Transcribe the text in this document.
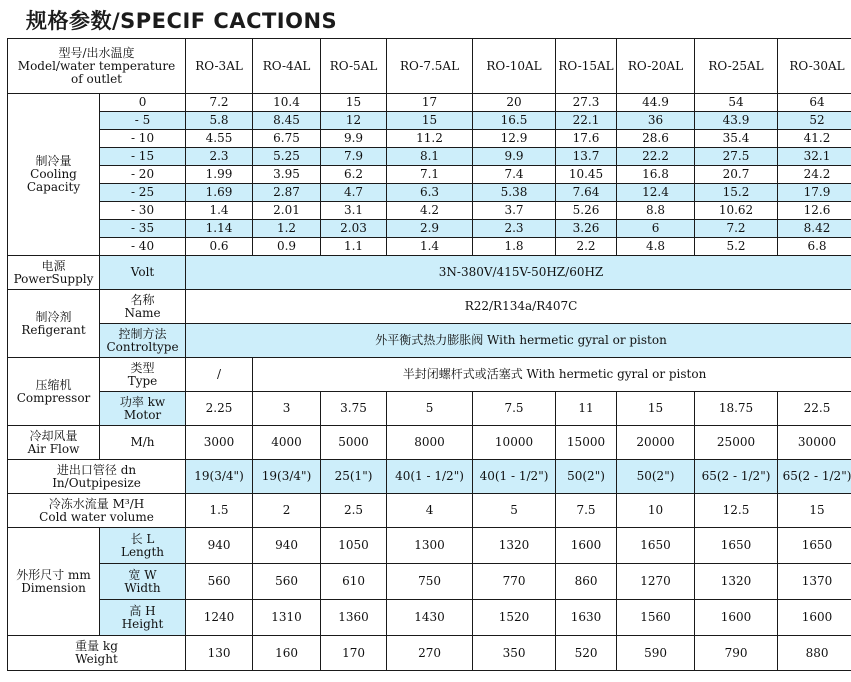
规格参数/SPECIF CACTIONS
型号/出水温度
Model/water temperature
of outlet		RO-3AL	RO-4AL	RO-5AL	RO-7.5AL	RO-10AL	RO-15AL	RO-20AL	RO-25AL	RO-30AL
制冷量
Cooling
Capacity	0	7.2	10.4	15	17	20	27.3	44.9	54	64
	- 5	5.8	8.45	12	15	16.5	22.1	36	43.9	52
	- 10	4.55	6.75	9.9	11.2	12.9	17.6	28.6	35.4	41.2
	- 15	2.3	5.25	7.9	8.1	9.9	13.7	22.2	27.5	32.1
	- 20	1.99	3.95	6.2	7.1	7.4	10.45	16.8	20.7	24.2
	- 25	1.69	2.87	4.7	6.3	5.38	7.64	12.4	15.2	17.9
	- 30	1.4	2.01	3.1	4.2	3.7	5.26	8.8	10.62	12.6
	- 35	1.14	1.2	2.03	2.9	2.3	3.26	6	7.2	8.42
	- 40	0.6	0.9	1.1	1.4	1.8	2.2	4.8	5.2	6.8
电源
PowerSupply	Volt	3N-380V/415V-50HZ/60HZ								
制冷剂
Refigerant	名称
Name	R22/R134a/R407C								
	控制方法
Controltype	外平衡式热力膨胀阀 With hermetic gyral or piston								
压缩机
Compressor	类型
Type	/	半封闭螺杆式或活塞式 With hermetic gyral or piston							
	功率 kw
Motor	2.25	3	3.75	5	7.5	11	15	18.75	22.5
冷却风量
Air Flow	M/h	3000	4000	5000	8000	10000	15000	20000	25000	30000
进出口管径 dn
In/Outpipesize		19(3/4")	19(3/4")	25(1")	40(1 - 1/2")	40(1 - 1/2")	50(2")	50(2")	65(2 - 1/2")	65(2 - 1/2")
冷冻水流量 M³/H
Cold water volume		1.5	2	2.5	4	5	7.5	10	12.5	15
外形尺寸 mm
Dimension	长 L
Length	940	940	1050	1300	1320	1600	1650	1650	1650
	宽 W
Width	560	560	610	750	770	860	1270	1320	1370
	高 H
Height	1240	1310	1360	1430	1520	1630	1560	1600	1600
重量 kg
Weight		130	160	170	270	350	520	590	790	880
